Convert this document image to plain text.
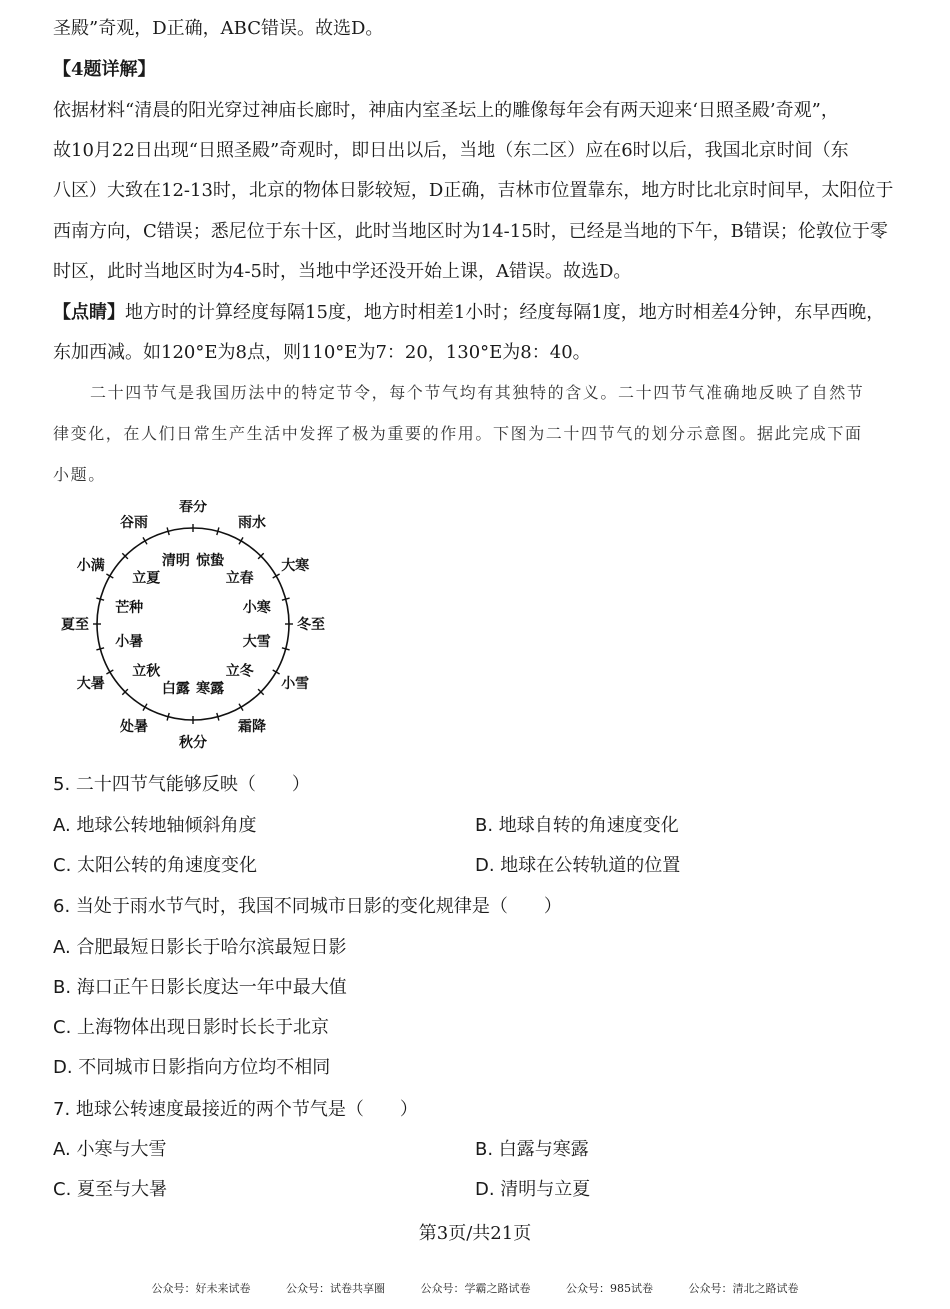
圣殿”奇观，D正确，ABC错误。故选D。
【4题详解】
依据材料“清晨的阳光穿过神庙长廊时，神庙内室圣坛上的雕像每年会有两天迎来‘日照圣殿’奇观”，
故10月22日出现“日照圣殿”奇观时，即日出以后，当地（东二区）应在6时以后，我国北京时间（东
八区）大致在12-13时，北京的物体日影较短，D正确，吉林市位置靠东，地方时比北京时间早，太阳位于
西南方向，C错误；悉尼位于东十区，此时当地区时为14-15时，已经是当地的下午，B错误；伦敦位于零
时区，此时当地区时为4-5时，当地中学还没开始上课，A错误。故选D。
【点睛】地方时的计算经度每隔15度，地方时相差1小时；经度每隔1度，地方时相差4分钟，东早西晚，
东加西减。如120°E为8点，则110°E为7：20，130°E为8：40。
二十四节气是我国历法中的特定节令，每个节气均有其独特的含义。二十四节气准确地反映了自然节
律变化，在人们日常生产生活中发挥了极为重要的作用。下图为二十四节气的划分示意图。据此完成下面
小题。
春分
雨水
大寒
冬至
小雪
霜降
秋分
处暑
大暑
夏至
小满
谷雨
惊蛰
立春
小寒
大雪
立冬
寒露
白露
立秋
小暑
芒种
立夏
清明
5. 二十四节气能够反映（　　）
A. 地球公转地轴倾斜角度	B. 地球自转的角速度变化
C. 太阳公转的角速度变化	D. 地球在公转轨道的位置
6. 当处于雨水节气时，我国不同城市日影的变化规律是（　　）
A. 合肥最短日影长于哈尔滨最短日影
B. 海口正午日影长度达一年中最大值
C. 上海物体出现日影时长长于北京
D. 不同城市日影指向方位均不相同
7. 地球公转速度最接近的两个节气是（　　）
A. 小寒与大雪	B. 白露与寒露
C. 夏至与大暑	D. 清明与立夏
第3页/共21页
公众号：好未来试卷	公众号：试卷共享圈	公众号：学霸之路试卷	公众号：985试卷	公众号：清北之路试卷
